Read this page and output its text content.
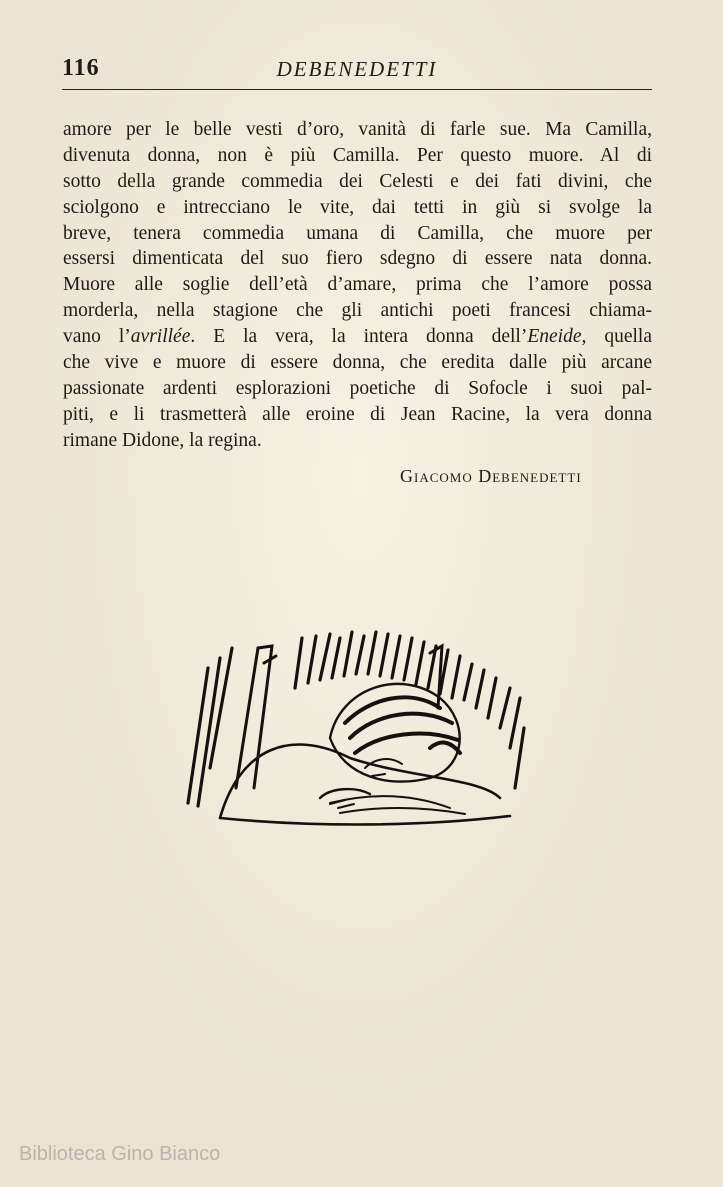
116	DEBENEDETTI
amore per le belle vesti d’oro, vanità di farle sue. Ma Camilla,
divenuta donna, non è più Camilla. Per questo muore. Al di
sotto della grande commedia dei Celesti e dei fati divini, che
sciolgono e intrecciano le vite, dai tetti in giù si svolge la
breve, tenera commedia umana di Camilla, che muore per
essersi dimenticata del suo fiero sdegno di essere nata donna.
Muore alle soglie dell’età d’amare, prima che l’amore possa
morderla, nella stagione che gli antichi poeti francesi chiama-
vano l’avrillée. E la vera, la intera donna dell’Eneide, quella
che vive e muore di essere donna, che eredita dalle più arcane
passionate ardenti esplorazioni poetiche di Sofocle i suoi pal-
piti, e li trasmetterà alle eroine di Jean Racine, la vera donna
rimane Didone, la regina.
Giacomo Debenedetti
Biblioteca Gino Bianco
